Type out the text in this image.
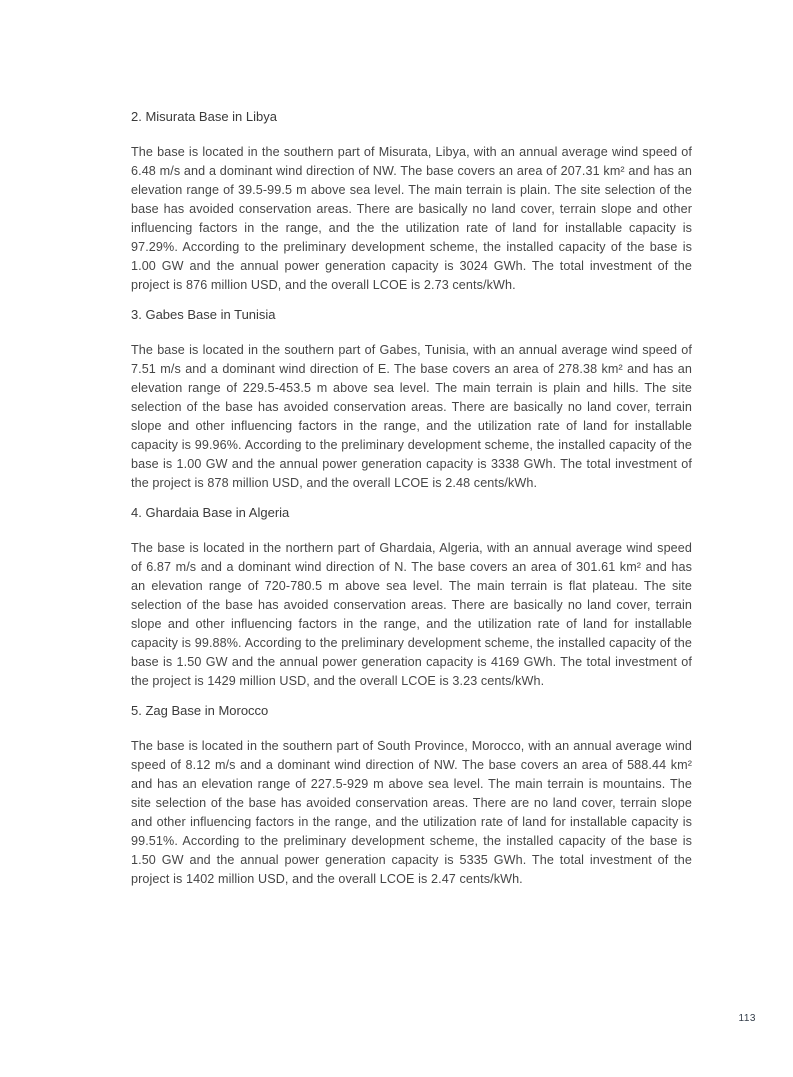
2. Misurata Base in Libya

The base is located in the southern part of Misurata, Libya, with an annual average wind speed of 6.48 m/s and a dominant wind direction of NW. The base covers an area of 207.31 km² and has an elevation range of 39.5-99.5 m above sea level. The main terrain is plain. The site selection of the base has avoided conservation areas. There are basically no land cover, terrain slope and other influencing factors in the range, and the the utilization rate of land for installable capacity is 97.29%. According to the preliminary development scheme, the installed capacity of the base is 1.00 GW and the annual power generation capacity is 3024 GWh. The total investment of the project is 876 million USD, and the overall LCOE is 2.73 cents/kWh.

3. Gabes Base in Tunisia

The base is located in the southern part of Gabes, Tunisia, with an annual average wind speed of 7.51 m/s and a dominant wind direction of E. The base covers an area of 278.38 km² and has an elevation range of 229.5-453.5 m above sea level. The main terrain is plain and hills. The site selection of the base has avoided conservation areas. There are basically no land cover, terrain slope and other influencing factors in the range, and the utilization rate of land for installable capacity is 99.96%. According to the preliminary development scheme, the installed capacity of the base is 1.00 GW and the annual power generation capacity is 3338 GWh. The total investment of the project is 878 million USD, and the overall LCOE is 2.48 cents/kWh.

4. Ghardaia Base in Algeria

The base is located in the northern part of Ghardaia, Algeria, with an annual average wind speed of 6.87 m/s and a dominant wind direction of N. The base covers an area of 301.61 km² and has an elevation range of 720-780.5 m above sea level. The main terrain is flat plateau. The site selection of the base has avoided conservation areas. There are basically no land cover, terrain slope and other influencing factors in the range, and the utilization rate of land for installable capacity is 99.88%. According to the preliminary development scheme, the installed capacity of the base is 1.50 GW and the annual power generation capacity is 4169 GWh. The total investment of the project is 1429 million USD, and the overall LCOE is 3.23 cents/kWh.

5. Zag Base in Morocco

The base is located in the southern part of South Province, Morocco, with an annual average wind speed of 8.12 m/s and a dominant wind direction of NW. The base covers an area of 588.44 km² and has an elevation range of 227.5-929 m above sea level. The main terrain is mountains. The site selection of the base has avoided conservation areas. There are no land cover, terrain slope and other influencing factors in the range, and the utilization rate of land for installable capacity is 99.51%. According to the preliminary development scheme, the installed capacity of the base is 1.50 GW and the annual power generation capacity is 5335 GWh. The total investment of the project is 1402 million USD, and the overall LCOE is 2.47 cents/kWh.

113
